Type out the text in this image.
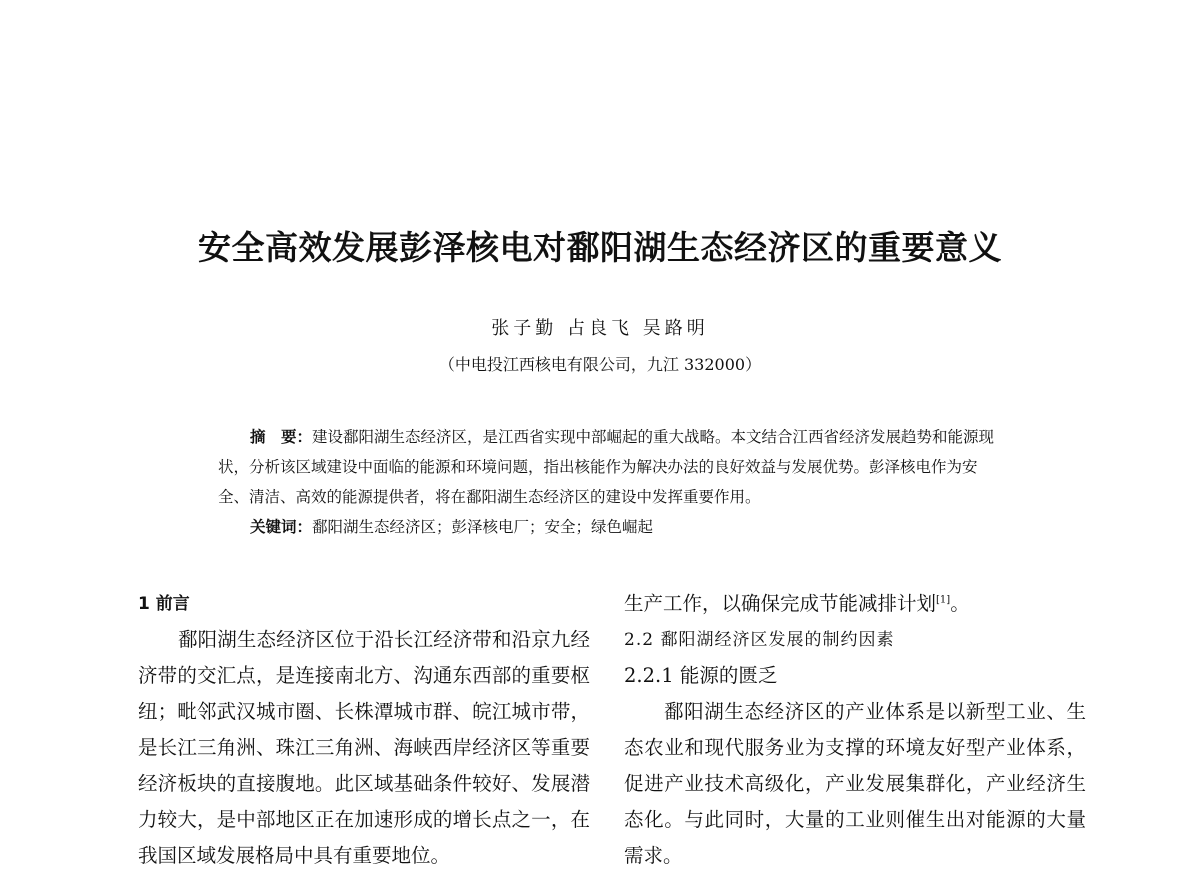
安全高效发展彭泽核电对鄱阳湖生态经济区的重要意义
张子勤 占良飞 吴路明
（中电投江西核电有限公司，九江 332000）

摘　要：建设鄱阳湖生态经济区，是江西省实现中部崛起的重大战略。本文结合江西省经济发展趋势和能源现状，分析该区域建设中面临的能源和环境问题，指出核能作为解决办法的良好效益与发展优势。彭泽核电作为安全、清洁、高效的能源提供者，将在鄱阳湖生态经济区的建设中发挥重要作用。

关键词：鄱阳湖生态经济区；彭泽核电厂；安全；绿色崛起

1 前言

鄱阳湖生态经济区位于沿长江经济带和沿京九经济带的交汇点，是连接南北方、沟通东西部的重要枢纽；毗邻武汉城市圈、长株潭城市群、皖江城市带，是长江三角洲、珠江三角洲、海峡西岸经济区等重要经济板块的直接腹地。此区域基础条件较好、发展潜力较大，是中部地区正在加速形成的增长点之一，在我国区域发展格局中具有重要地位。

生产工作，以确保完成节能减排计划[1]。

2.2 鄱阳湖经济区发展的制约因素

2.2.1 能源的匮乏

鄱阳湖生态经济区的产业体系是以新型工业、生态农业和现代服务业为支撑的环境友好型产业体系，促进产业技术高级化，产业发展集群化，产业经济生态化。与此同时，大量的工业则催生出对能源的大量需求。
